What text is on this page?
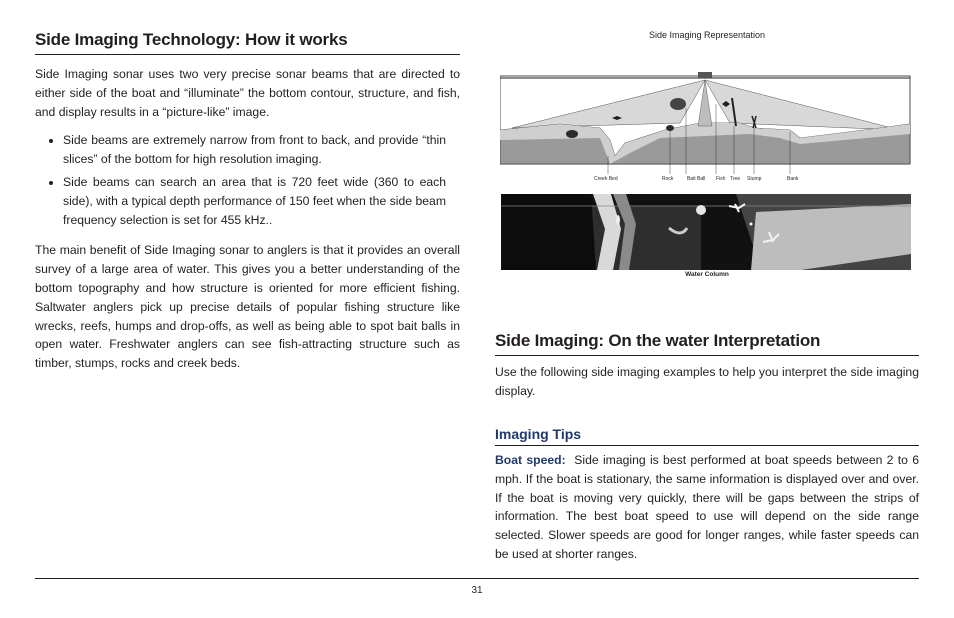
Side Imaging Technology: How it works

Side Imaging sonar uses two very precise sonar beams that are directed to either side of the boat and “illuminate” the bottom contour, structure, and fish, and display results in a “picture-like” image.

• Side beams are extremely narrow from front to back, and provide “thin slices” of the bottom for high resolution imaging.
• Side beams can search an area that is 720 feet wide (360 to each side), with a typical depth performance of 150 feet when the side beam frequency selection is set for 455 kHz..

The main benefit of Side Imaging sonar to anglers is that it provides an overall survey of a large area of water. This gives you a better understanding of the bottom topography and how structure is oriented for more efficient fishing. Saltwater anglers pick up precise details of popular fishing structure like wrecks, reefs, humps and drop-offs, as well as being able to spot bait balls in open water. Freshwater anglers can see fish-attracting structure such as timber, stumps, rocks and creek beds.

Side Imaging Representation
Creek Bed	Rock	Bait Ball Fish Tree Stump	Bank
Water Column
Side Imaging: On the water Interpretation

Use the following side imaging examples to help you interpret the side imaging display.

Imaging Tips

Boat speed: Side imaging is best performed at boat speeds between 2 to 6 mph. If the boat is stationary, the same information is displayed over and over. If the boat is moving very quickly, there will be gaps between the strips of information. The best boat speed to use will depend on the side range selected. Slower speeds are good for longer ranges, while faster speeds can be used at shorter ranges.

31
